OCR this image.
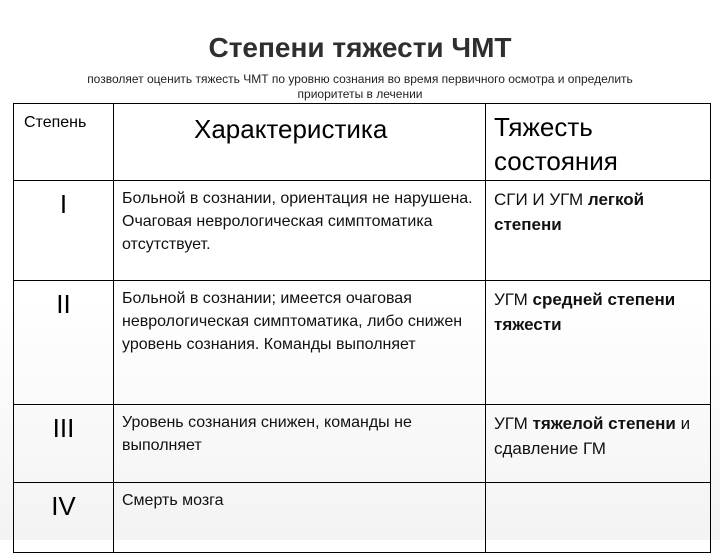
Степени тяжести ЧМТ
позволяет оценить тяжесть ЧМТ по уровню сознания во время первичного осмотра и определить приоритеты в лечении
Степень	Характеристика	Тяжесть состояния
I	Больной в сознании, ориентация не нарушена. Очаговая неврологическая симптоматика отсутствует.	СГИ И УГМ легкой степени
II	Больной в сознании; имеется очаговая неврологическая симптоматика, либо снижен уровень сознания. Команды выполняет	УГМ средней степени тяжести
III	Уровень сознания снижен, команды не выполняет	УГМ тяжелой степени и сдавление ГМ
IV	Смерть мозга	
